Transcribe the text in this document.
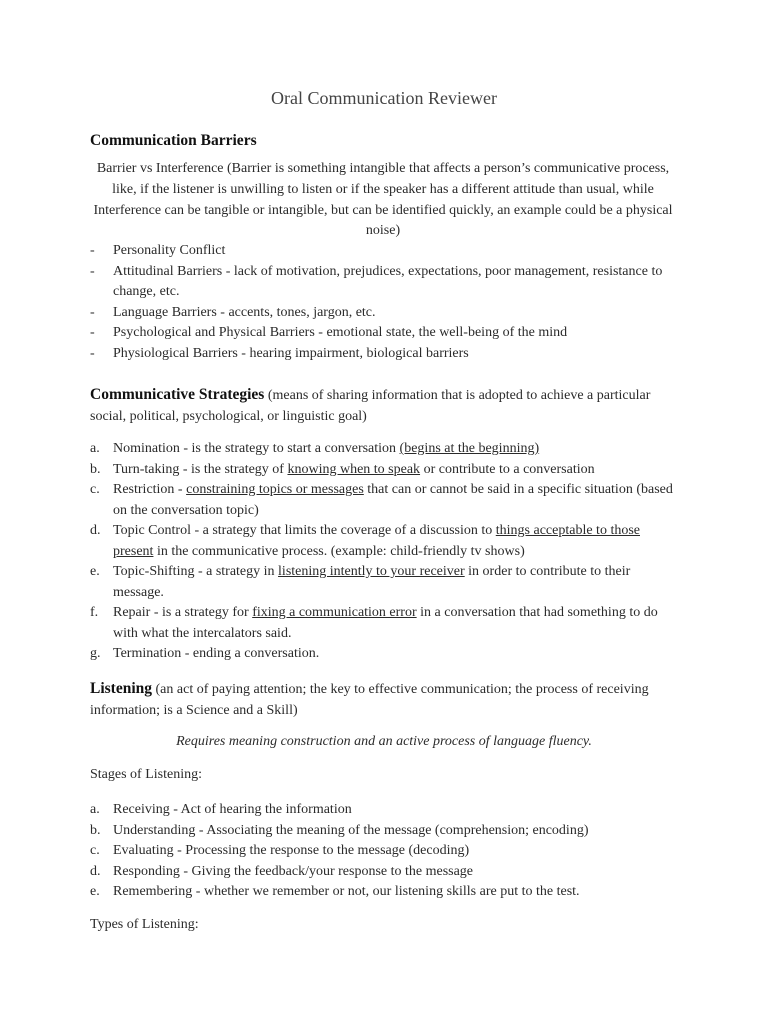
Oral Communication Reviewer
Communication Barriers
Barrier vs Interference (Barrier is something intangible that affects a person’s communicative process, like, if the listener is unwilling to listen or if the speaker has a different attitude than usual, while Interference can be tangible or intangible, but can be identified quickly, an example could be a physical noise)
- Personality Conflict
- Attitudinal Barriers - lack of motivation, prejudices, expectations, poor management, resistance to change, etc.
- Language Barriers - accents, tones, jargon, etc.
- Psychological and Physical Barriers - emotional state, the well-being of the mind
- Physiological Barriers - hearing impairment, biological barriers
Communicative Strategies (means of sharing information that is adopted to achieve a particular social, political, psychological, or linguistic goal)
a. Nomination - is the strategy to start a conversation (begins at the beginning)
b. Turn-taking - is the strategy of knowing when to speak or contribute to a conversation
c. Restriction - constraining topics or messages that can or cannot be said in a specific situation (based on the conversation topic)
d. Topic Control - a strategy that limits the coverage of a discussion to things acceptable to those present in the communicative process. (example: child-friendly tv shows)
e. Topic-Shifting - a strategy in listening intently to your receiver in order to contribute to their message.
f. Repair - is a strategy for fixing a communication error in a conversation that had something to do with what the intercalators said.
g. Termination - ending a conversation.
Listening (an act of paying attention; the key to effective communication; the process of receiving information; is a Science and a Skill)
Requires meaning construction and an active process of language fluency.
Stages of Listening:
a. Receiving - Act of hearing the information
b. Understanding - Associating the meaning of the message (comprehension; encoding)
c. Evaluating - Processing the response to the message (decoding)
d. Responding - Giving the feedback/your response to the message
e. Remembering - whether we remember or not, our listening skills are put to the test.
Types of Listening:
